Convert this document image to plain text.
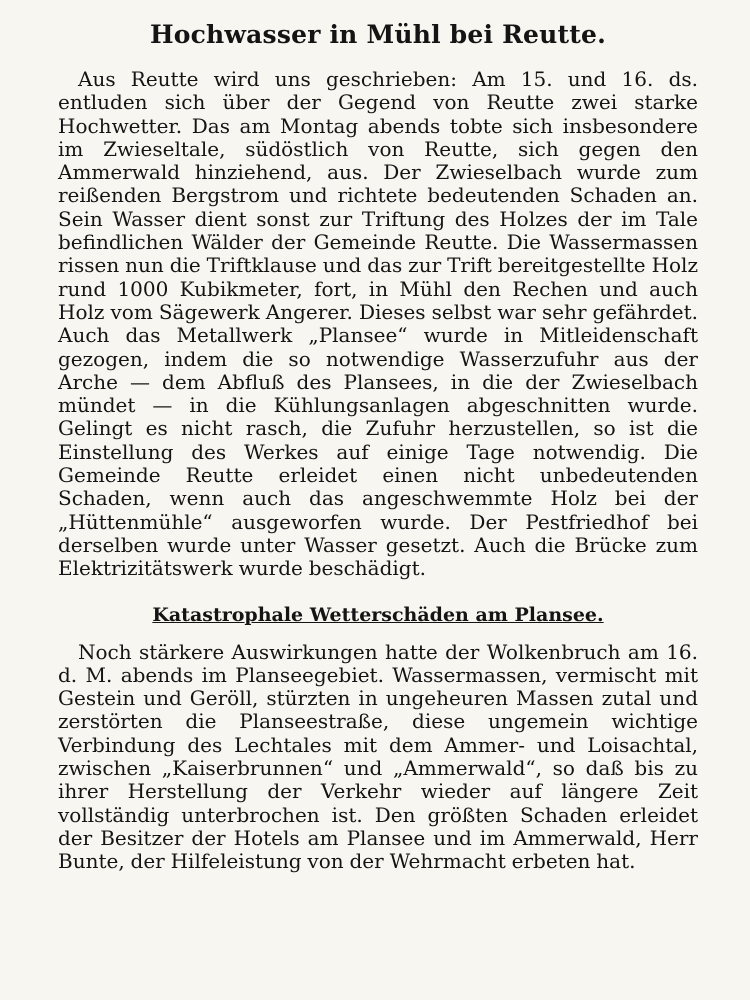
Hochwasser in Mühl bei Reutte.

Aus Reutte wird uns geschrieben: Am 15. und 16. ds. entluden sich über der Gegend von Reutte zwei starke Hochwetter. Das am Montag abends tobte sich insbesondere im Zwieseltale, südöstlich von Reutte, sich gegen den Ammerwald hinziehend, aus. Der Zwieselbach wurde zum reißenden Bergstrom und richtete bedeutenden Schaden an. Sein Wasser dient sonst zur Triftung des Holzes der im Tale befindlichen Wälder der Gemeinde Reutte. Die Wassermassen rissen nun die Triftklause und das zur Trift bereitgestellte Holz rund 1000 Kubikmeter, fort, in Mühl den Rechen und auch Holz vom Sägewerk Angerer. Dieses selbst war sehr gefährdet. Auch das Metallwerk „Plansee“ wurde in Mitleidenschaft gezogen, indem die so notwendige Wasserzufuhr aus der Arche — dem Abfluß des Plansees, in die der Zwieselbach mündet — in die Kühlungsanlagen abgeschnitten wurde. Gelingt es nicht rasch, die Zufuhr herzustellen, so ist die Einstellung des Werkes auf einige Tage notwendig. Die Gemeinde Reutte erleidet einen nicht unbedeutenden Schaden, wenn auch das angeschwemmte Holz bei der „Hüttenmühle“ ausgeworfen wurde. Der Pestfriedhof bei derselben wurde unter Wasser gesetzt. Auch die Brücke zum Elektrizitätswerk wurde beschädigt.

Katastrophale Wetterschäden am Plansee.

Noch stärkere Auswirkungen hatte der Wolkenbruch am 16. d. M. abends im Planseegebiet. Wassermassen, vermischt mit Gestein und Geröll, stürzten in ungeheuren Massen zutal und zerstörten die Planseestraße, diese ungemein wichtige Verbindung des Lechtales mit dem Ammer- und Loisachtal, zwischen „Kaiserbrunnen“ und „Ammerwald“, so daß bis zu ihrer Herstellung der Verkehr wieder auf längere Zeit vollständig unterbrochen ist. Den größten Schaden erleidet der Besitzer der Hotels am Plansee und im Ammerwald, Herr Bunte, der Hilfeleistung von der Wehrmacht erbeten hat.
